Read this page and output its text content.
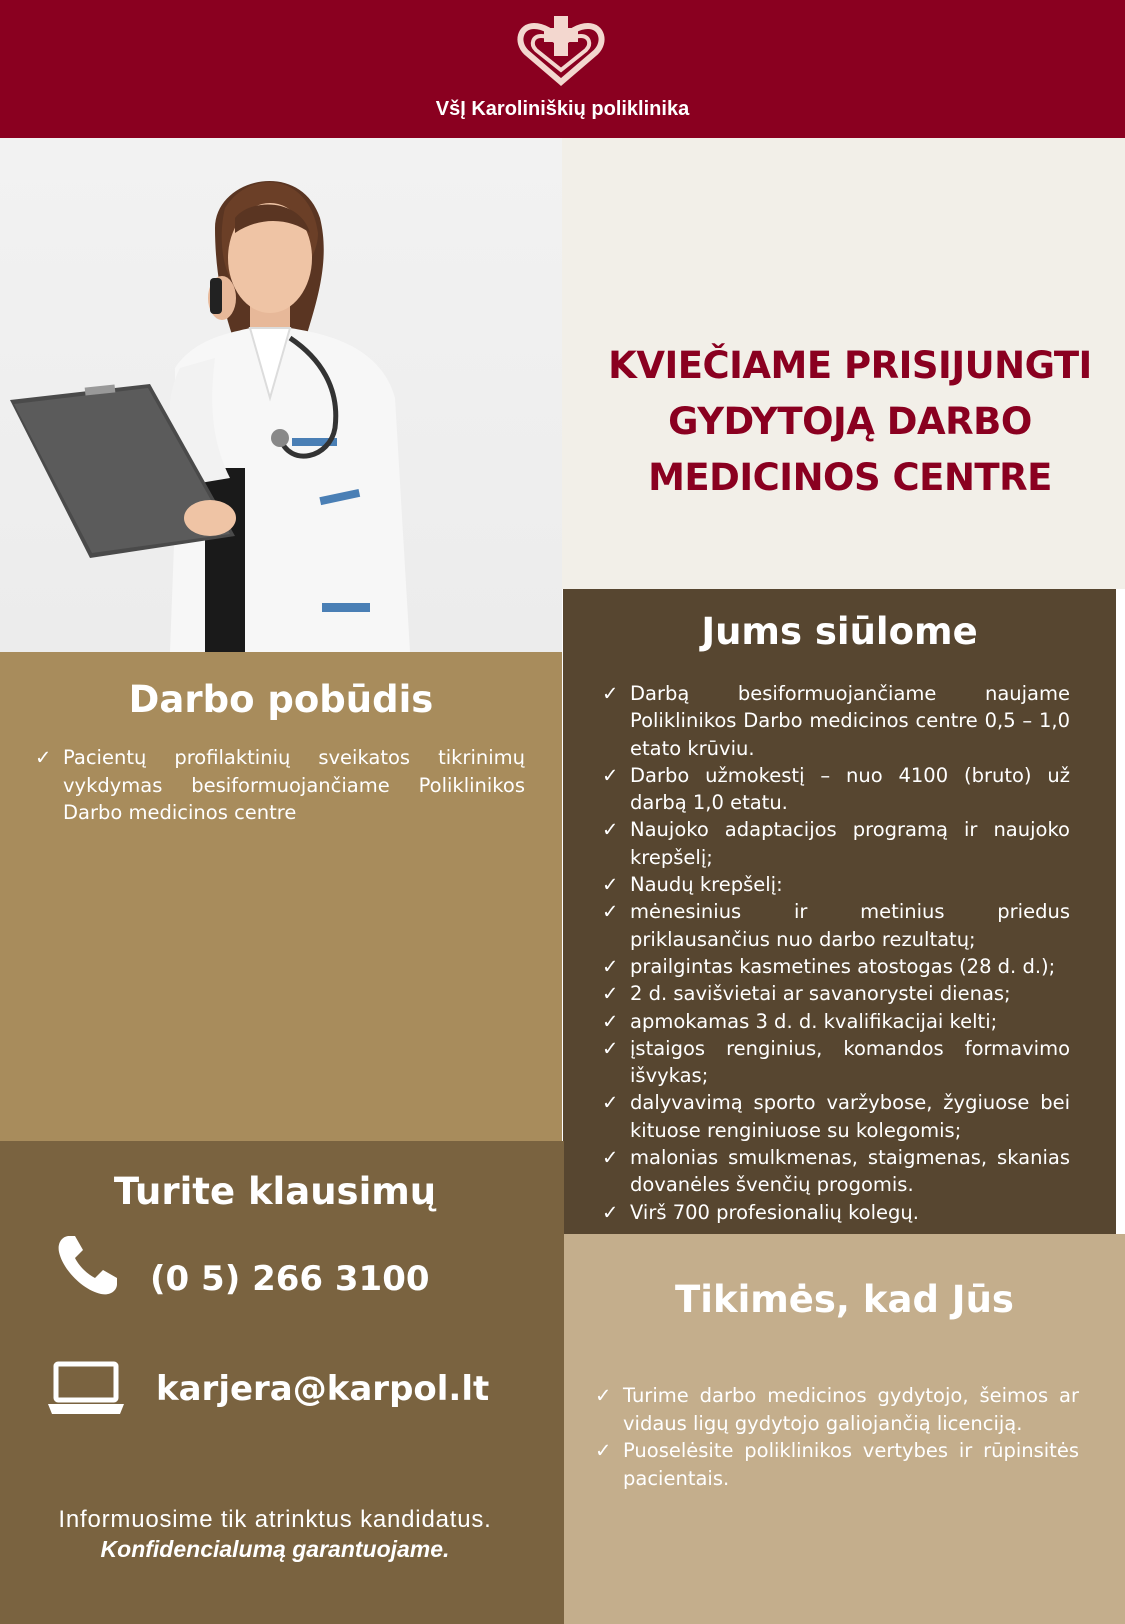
VšĮ Karoliniškių poliklinika
KVIEČIAME PRISIJUNGTI
GYDYTOJĄ DARBO
MEDICINOS CENTRE
Darbo pobūdis
✓ Pacientų profilaktinių sveikatos tikrinimų vykdymas besiformuojančiame Poliklinikos Darbo medicinos centre
Jums siūlome
✓ Darbą besiformuojančiame naujame Poliklinikos Darbo medicinos centre 0,5 – 1,0 etato krūviu.
✓ Darbo užmokestį – nuo 4100 (bruto) už darbą 1,0 etatu.
✓ Naujoko adaptacijos programą ir naujoko krepšelį;
✓ Naudų krepšelį:
✓ mėnesinius ir metinius priedus priklausančius nuo darbo rezultatų;
✓ prailgintas kasmetines atostogas (28 d. d.);
✓ 2 d. savišvietai ar savanorystei dienas;
✓ apmokamas 3 d. d. kvalifikacijai kelti;
✓ įstaigos renginius, komandos formavimo išvykas;
✓ dalyvavimą sporto varžybose, žygiuose bei kituose renginiuose su kolegomis;
✓ malonias smulkmenas, staigmenas, skanias dovanėles švenčių progomis.
✓ Virš 700 profesionalių kolegų.
Turite klausimų
(0 5) 266 3100
karjera@karpol.lt
Informuosime tik atrinktus kandidatus.
Konfidencialumą garantuojame.
Tikimės, kad Jūs
✓ Turime darbo medicinos gydytojo, šeimos ar vidaus ligų gydytojo galiojančią licenciją.
✓ Puoselėsite poliklinikos vertybes ir rūpinsitės pacientais.
